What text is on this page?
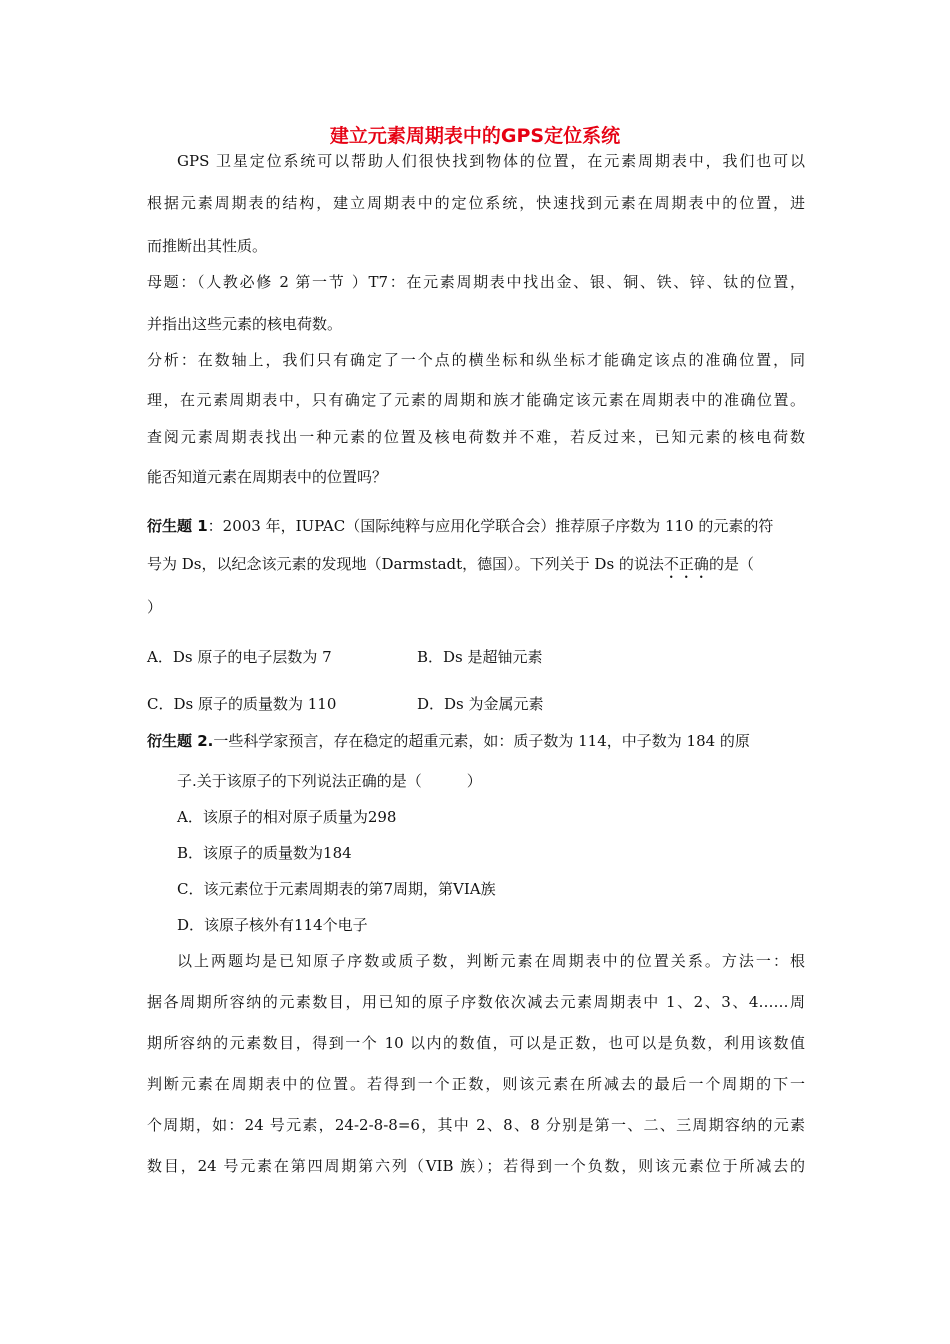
建立元素周期表中的GPS定位系统
GPS 卫星定位系统可以帮助人们很快找到物体的位置，在元素周期表中，我们也可以
根据元素周期表的结构，建立周期表中的定位系统，快速找到元素在周期表中的位置，进
而推断出其性质。
母题：（人教必修 2 第一节 ）T7：在元素周期表中找出金、银、铜、铁、锌、钛的位置，
并指出这些元素的核电荷数。
分析：在数轴上，我们只有确定了一个点的横坐标和纵坐标才能确定该点的准确位置，同
理，在元素周期表中，只有确定了元素的周期和族才能确定该元素在周期表中的准确位置。
查阅元素周期表找出一种元素的位置及核电荷数并不难，若反过来，已知元素的核电荷数
能否知道元素在周期表中的位置吗？
衍生题 1：2003 年，IUPAC（国际纯粹与应用化学联合会）推荐原子序数为 110 的元素的符
号为 Ds，以纪念该元素的发现地（Darmstadt，德国）。下列关于 Ds 的说法不正确的是（
）
A．Ds 原子的电子层数为 7	B．Ds 是超铀元素
C．Ds 原子的质量数为 110	D．Ds 为金属元素
衍生题 2.一些科学家预言，存在稳定的超重元素，如：质子数为 114，中子数为 184 的原
子.关于该原子的下列说法正确的是（　　　）
A．该原子的相对原子质量为298
B．该原子的质量数为184
C．该元素位于元素周期表的第7周期，第VIA族
D．该原子核外有114个电子
以上两题均是已知原子序数或质子数，判断元素在周期表中的位置关系。方法一：根
据各周期所容纳的元素数目，用已知的原子序数依次减去元素周期表中 1、2、3、4……周
期所容纳的元素数目，得到一个 10 以内的数值，可以是正数，也可以是负数，利用该数值
判断元素在周期表中的位置。若得到一个正数，则该元素在所减去的最后一个周期的下一
个周期，如：24 号元素，24-2-8-8=6，其中 2、8、8 分别是第一、二、三周期容纳的元素
数目，24 号元素在第四周期第六列（VIB 族）；若得到一个负数，则该元素位于所减去的
